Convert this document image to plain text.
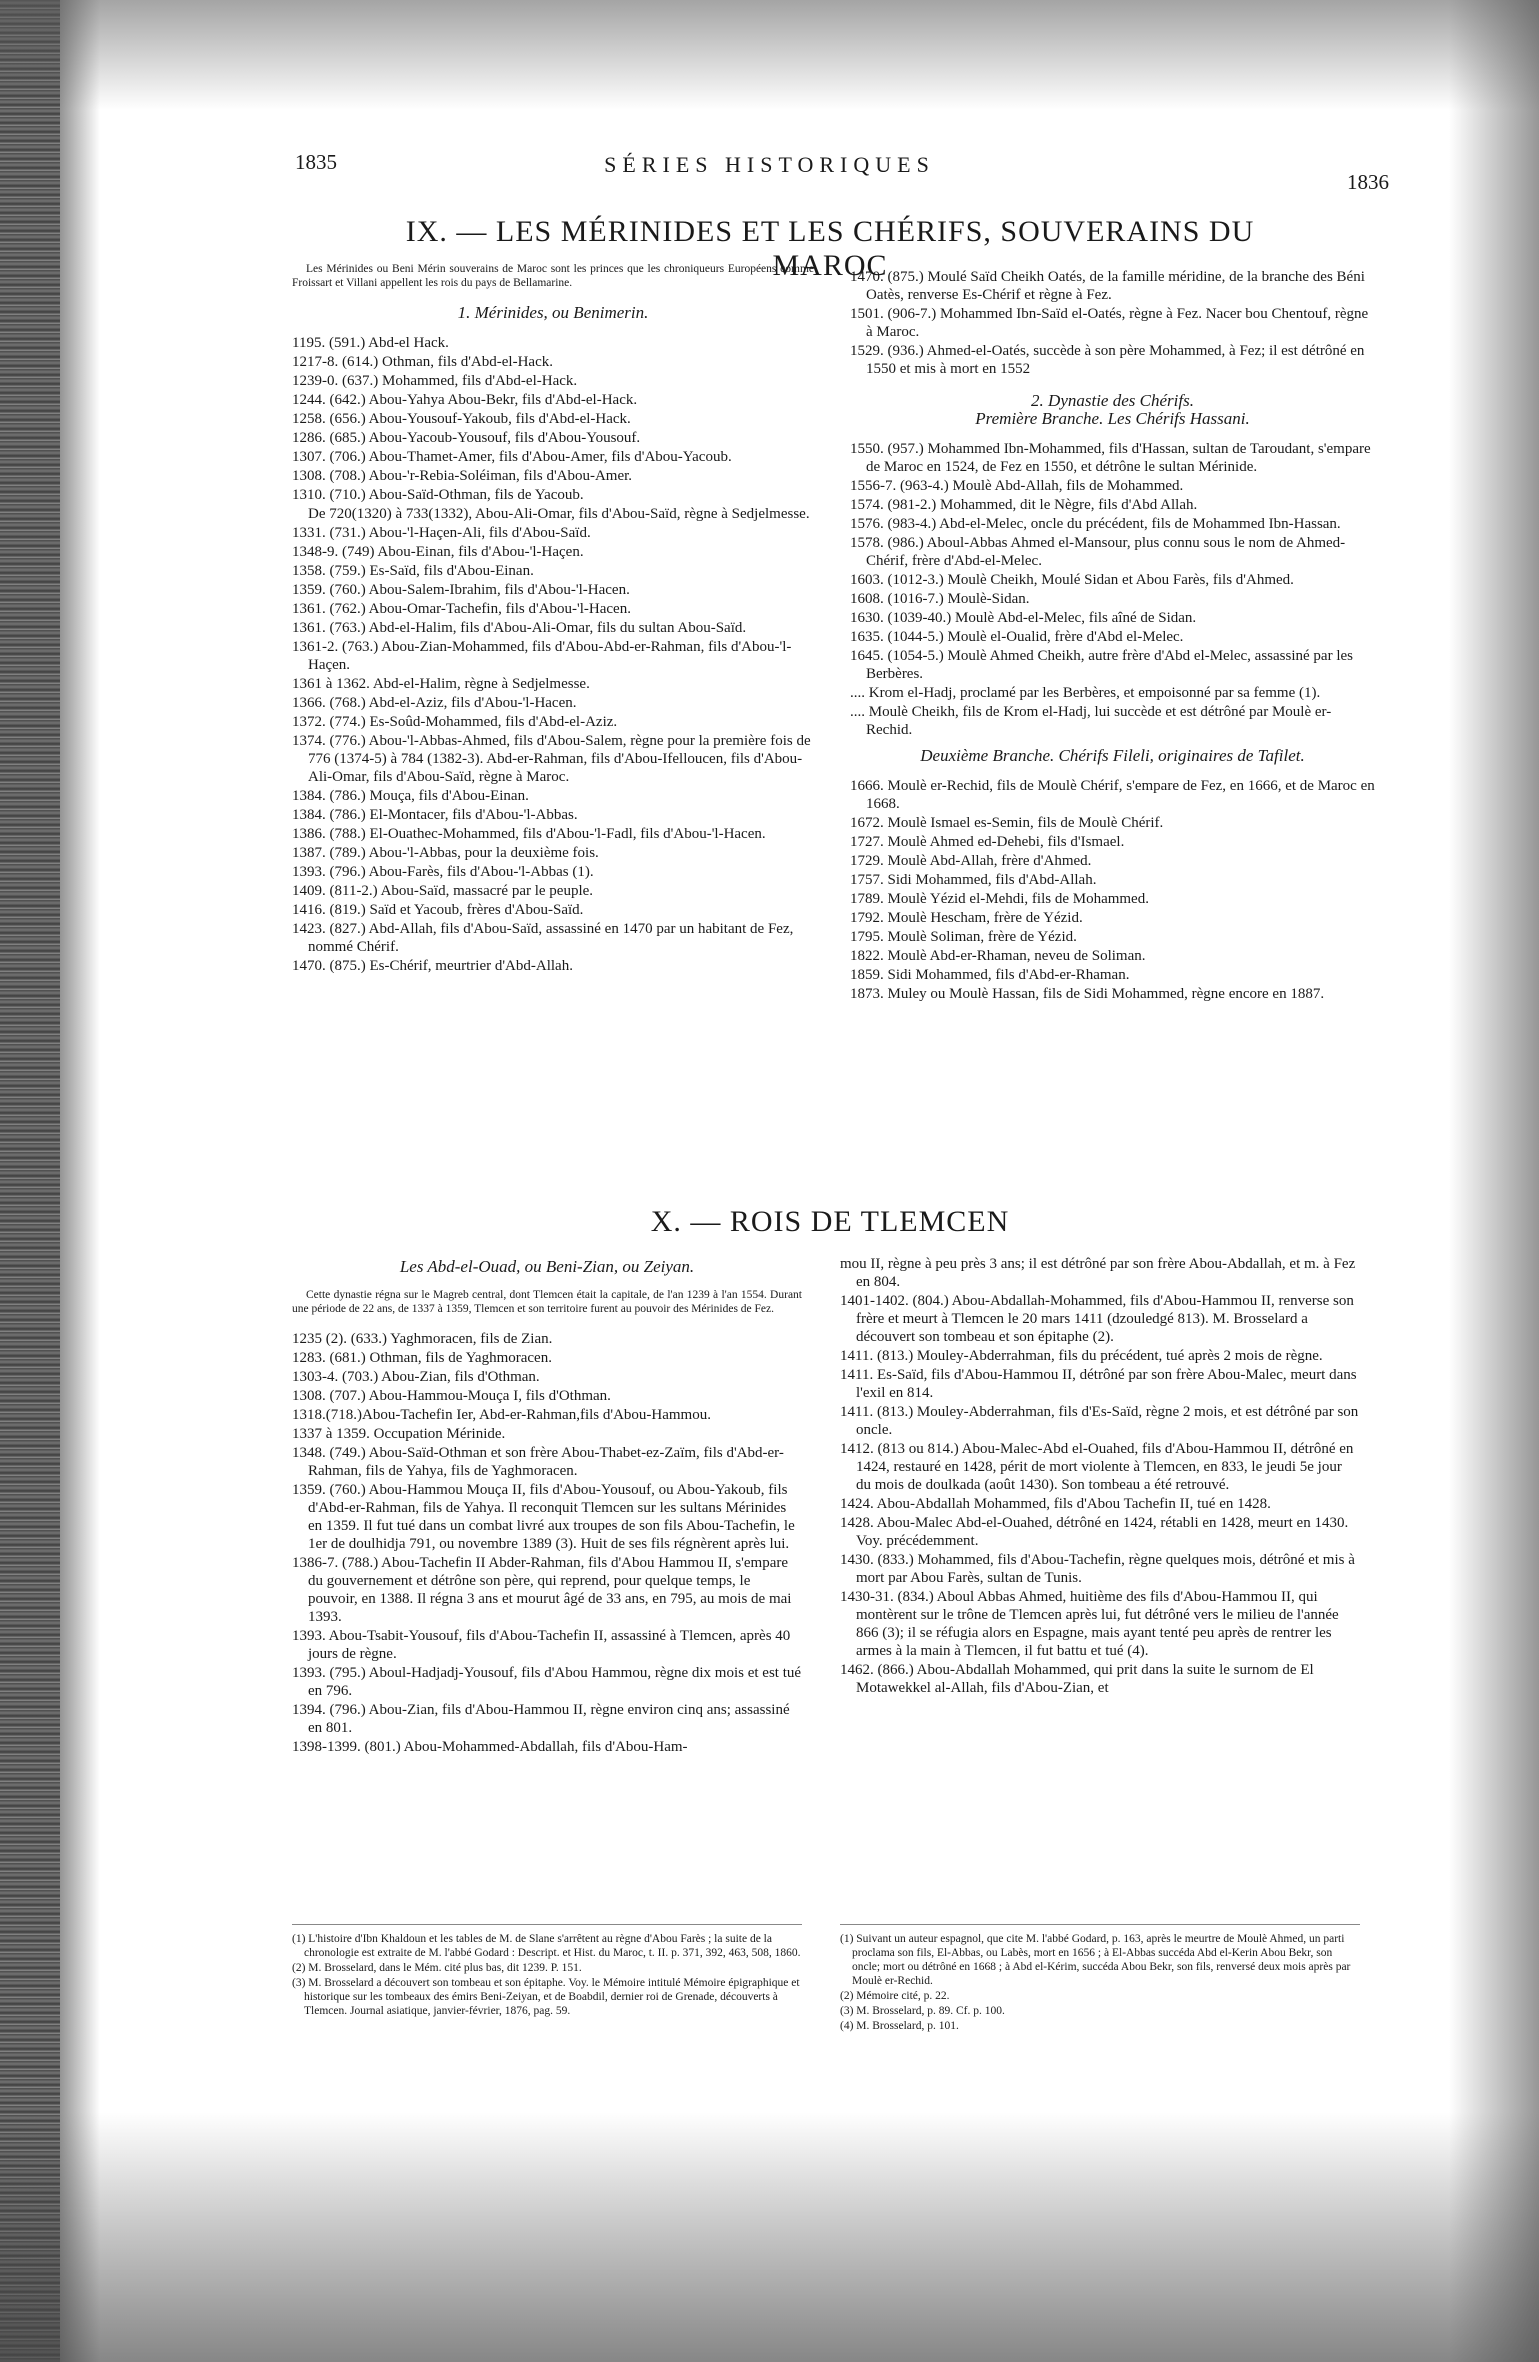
1835	SÉRIES HISTORIQUES
1836
IX. — LES MÉRINIDES ET LES CHÉRIFS, SOUVERAINS DU MAROC

Les Mérinides ou Beni Mérin souverains de Maroc sont les princes que les chroniqueurs Européens comme Froissart et Villani appellent les rois du pays de Bellamarine.

1. Mérinides, ou Benimerin.

1195. (591.) Abd-el Hack.

1217-8. (614.) Othman, fils d'Abd-el-Hack.

1239-0. (637.) Mohammed, fils d'Abd-el-Hack.

1244. (642.) Abou-Yahya Abou-Bekr, fils d'Abd-el-Hack.

1258. (656.) Abou-Yousouf-Yakoub, fils d'Abd-el-Hack.

1286. (685.) Abou-Yacoub-Yousouf, fils d'Abou-Yousouf.

1307. (706.) Abou-Thamet-Amer, fils d'Abou-Amer, fils d'Abou-Yacoub.

1308. (708.) Abou-'r-Rebia-Soléiman, fils d'Abou-Amer.

1310. (710.) Abou-Saïd-Othman, fils de Yacoub.

De 720(1320) à 733(1332), Abou-Ali-Omar, fils d'Abou-Saïd, règne à Sedjelmesse.

1331. (731.) Abou-'l-Haçen-Ali, fils d'Abou-Saïd.

1348-9. (749) Abou-Einan, fils d'Abou-'l-Haçen.

1358. (759.) Es-Saïd, fils d'Abou-Einan.

1359. (760.) Abou-Salem-Ibrahim, fils d'Abou-'l-Hacen.

1361. (762.) Abou-Omar-Tachefin, fils d'Abou-'l-Hacen.

1361. (763.) Abd-el-Halim, fils d'Abou-Ali-Omar, fils du sultan Abou-Saïd.

1361-2. (763.) Abou-Zian-Mohammed, fils d'Abou-Abd-er-Rahman, fils d'Abou-'l-Haçen.

1361 à 1362. Abd-el-Halim, règne à Sedjelmesse.

1366. (768.) Abd-el-Aziz, fils d'Abou-'l-Hacen.

1372. (774.) Es-Soûd-Mohammed, fils d'Abd-el-Aziz.

1374. (776.) Abou-'l-Abbas-Ahmed, fils d'Abou-Salem, règne pour la première fois de 776 (1374-5) à 784 (1382-3). Abd-er-Rahman, fils d'Abou-Ifelloucen, fils d'Abou-Ali-Omar, fils d'Abou-Saïd, règne à Maroc.

1384. (786.) Mouça, fils d'Abou-Einan.

1384. (786.) El-Montacer, fils d'Abou-'l-Abbas.

1386. (788.) El-Ouathec-Mohammed, fils d'Abou-'l-Fadl, fils d'Abou-'l-Hacen.

1387. (789.) Abou-'l-Abbas, pour la deuxième fois.

1393. (796.) Abou-Farès, fils d'Abou-'l-Abbas (1).

1409. (811-2.) Abou-Saïd, massacré par le peuple.

1416. (819.) Saïd et Yacoub, frères d'Abou-Saïd.

1423. (827.) Abd-Allah, fils d'Abou-Saïd, assassiné en 1470 par un habitant de Fez, nommé Chérif.

1470. (875.) Es-Chérif, meurtrier d'Abd-Allah.

1470. (875.) Moulé Saïd Cheikh Oatés, de la famille méridine, de la branche des Béni Oatès, renverse Es-Chérif et règne à Fez.

1501. (906-7.) Mohammed Ibn-Saïd el-Oatés, règne à Fez. Nacer bou Chentouf, règne à Maroc.

1529. (936.) Ahmed-el-Oatés, succède à son père Mohammed, à Fez; il est détrôné en 1550 et mis à mort en 1552

2. Dynastie des Chérifs.

Première Branche. Les Chérifs Hassani.

1550. (957.) Mohammed Ibn-Mohammed, fils d'Hassan, sultan de Taroudant, s'empare de Maroc en 1524, de Fez en 1550, et détrône le sultan Mérinide.

1556-7. (963-4.) Moulè Abd-Allah, fils de Mohammed.

1574. (981-2.) Mohammed, dit le Nègre, fils d'Abd Allah.

1576. (983-4.) Abd-el-Melec, oncle du précédent, fils de Mohammed Ibn-Hassan.

1578. (986.) Aboul-Abbas Ahmed el-Mansour, plus connu sous le nom de Ahmed-Chérif, frère d'Abd-el-Melec.

1603. (1012-3.) Moulè Cheikh, Moulé Sidan et Abou Farès, fils d'Ahmed.

1608. (1016-7.) Moulè-Sidan.

1630. (1039-40.) Moulè Abd-el-Melec, fils aîné de Sidan.

1635. (1044-5.) Moulè el-Oualid, frère d'Abd el-Melec.

1645. (1054-5.) Moulè Ahmed Cheikh, autre frère d'Abd el-Melec, assassiné par les Berbères.

.... Krom el-Hadj, proclamé par les Berbères, et empoisonné par sa femme (1).

.... Moulè Cheikh, fils de Krom el-Hadj, lui succède et est détrôné par Moulè er-Rechid.

Deuxième Branche. Chérifs Fileli, originaires de Tafilet.

1666. Moulè er-Rechid, fils de Moulè Chérif, s'empare de Fez, en 1666, et de Maroc en 1668.

1672. Moulè Ismael es-Semin, fils de Moulè Chérif.

1727. Moulè Ahmed ed-Dehebi, fils d'Ismael.

1729. Moulè Abd-Allah, frère d'Ahmed.

1757. Sidi Mohammed, fils d'Abd-Allah.

1789. Moulè Yézid el-Mehdi, fils de Mohammed.

1792. Moulè Hescham, frère de Yézid.

1795. Moulè Soliman, frère de Yézid.

1822. Moulè Abd-er-Rhaman, neveu de Soliman.

1859. Sidi Mohammed, fils d'Abd-er-Rhaman.

1873. Muley ou Moulè Hassan, fils de Sidi Mohammed, règne encore en 1887.

X. — ROIS DE TLEMCEN

Les Abd-el-Ouad, ou Beni-Zian, ou Zeiyan.

Cette dynastie régna sur le Magreb central, dont Tlemcen était la capitale, de l'an 1239 à l'an 1554. Durant une période de 22 ans, de 1337 à 1359, Tlemcen et son territoire furent au pouvoir des Mérinides de Fez.

1235 (2). (633.) Yaghmoracen, fils de Zian.

1283. (681.) Othman, fils de Yaghmoracen.

1303-4. (703.) Abou-Zian, fils d'Othman.

1308. (707.) Abou-Hammou-Mouça I, fils d'Othman.

1318.(718.)Abou-Tachefin Ier, Abd-er-Rahman,fils d'Abou-Hammou.

1337 à 1359. Occupation Mérinide.

1348. (749.) Abou-Saïd-Othman et son frère Abou-Thabet-ez-Zaïm, fils d'Abd-er-Rahman, fils de Yahya, fils de Yaghmoracen.

1359. (760.) Abou-Hammou Mouça II, fils d'Abou-Yousouf, ou Abou-Yakoub, fils d'Abd-er-Rahman, fils de Yahya. Il reconquit Tlemcen sur les sultans Mérinides en 1359. Il fut tué dans un combat livré aux troupes de son fils Abou-Tachefin, le 1er de doulhidja 791, ou novembre 1389 (3). Huit de ses fils régnèrent après lui.

1386-7. (788.) Abou-Tachefin II Abder-Rahman, fils d'Abou Hammou II, s'empare du gouvernement et détrône son père, qui reprend, pour quelque temps, le pouvoir, en 1388. Il régna 3 ans et mourut âgé de 33 ans, en 795, au mois de mai 1393.

1393. Abou-Tsabit-Yousouf, fils d'Abou-Tachefin II, assassiné à Tlemcen, après 40 jours de règne.

1393. (795.) Aboul-Hadjadj-Yousouf, fils d'Abou Hammou, règne dix mois et est tué en 796.

1394. (796.) Abou-Zian, fils d'Abou-Hammou II, règne environ cinq ans; assassiné en 801.

1398-1399. (801.) Abou-Mohammed-Abdallah, fils d'Abou-Ham-

mou II, règne à peu près 3 ans; il est détrôné par son frère Abou-Abdallah, et m. à Fez en 804.

1401-1402. (804.) Abou-Abdallah-Mohammed, fils d'Abou-Hammou II, renverse son frère et meurt à Tlemcen le 20 mars 1411 (dzouledgé 813). M. Brosselard a découvert son tombeau et son épitaphe (2).

1411. (813.) Mouley-Abderrahman, fils du précédent, tué après 2 mois de règne.

1411. Es-Saïd, fils d'Abou-Hammou II, détrôné par son frère Abou-Malec, meurt dans l'exil en 814.

1411. (813.) Mouley-Abderrahman, fils d'Es-Saïd, règne 2 mois, et est détrôné par son oncle.

1412. (813 ou 814.) Abou-Malec-Abd el-Ouahed, fils d'Abou-Hammou II, détrôné en 1424, restauré en 1428, périt de mort violente à Tlemcen, en 833, le jeudi 5e jour du mois de doulkada (août 1430). Son tombeau a été retrouvé.

1424. Abou-Abdallah Mohammed, fils d'Abou Tachefin II, tué en 1428.

1428. Abou-Malec Abd-el-Ouahed, détrôné en 1424, rétabli en 1428, meurt en 1430. Voy. précédemment.

1430. (833.) Mohammed, fils d'Abou-Tachefin, règne quelques mois, détrôné et mis à mort par Abou Farès, sultan de Tunis.

1430-31. (834.) Aboul Abbas Ahmed, huitième des fils d'Abou-Hammou II, qui montèrent sur le trône de Tlemcen après lui, fut détrôné vers le milieu de l'année 866 (3); il se réfugia alors en Espagne, mais ayant tenté peu après de rentrer les armes à la main à Tlemcen, il fut battu et tué (4).

1462. (866.) Abou-Abdallah Mohammed, qui prit dans la suite le surnom de El Motawekkel al-Allah, fils d'Abou-Zian, et

(1) L'histoire d'Ibn Khaldoun et les tables de M. de Slane s'arrêtent au règne d'Abou Farès ; la suite de la chronologie est extraite de M. l'abbé Godard : Descript. et Hist. du Maroc, t. II. p. 371, 392, 463, 508, 1860.

(2) M. Brosselard, dans le Mém. cité plus bas, dit 1239. P. 151.

(3) M. Brosselard a découvert son tombeau et son épitaphe. Voy. le Mémoire intitulé Mémoire épigraphique et historique sur les tombeaux des émirs Beni-Zeiyan, et de Boabdil, dernier roi de Grenade, découverts à Tlemcen. Journal asiatique, janvier-février, 1876, pag. 59.

(1) Suivant un auteur espagnol, que cite M. l'abbé Godard, p. 163, après le meurtre de Moulè Ahmed, un parti proclama son fils, El-Abbas, ou Labès, mort en 1656 ; à El-Abbas succéda Abd el-Kerin Abou Bekr, son oncle; mort ou détrôné en 1668 ; à Abd el-Kérim, succéda Abou Bekr, son fils, renversé deux mois après par Moulè er-Rechid.

(2) Mémoire cité, p. 22.

(3) M. Brosselard, p. 89. Cf. p. 100.

(4) M. Brosselard, p. 101.
